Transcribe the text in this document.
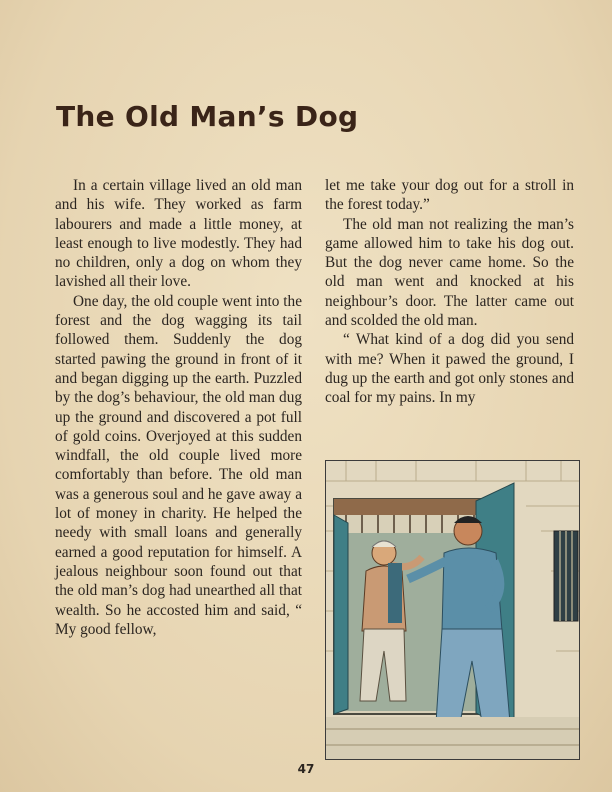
The Old Man’s Dog

In a certain village lived an old man and his wife. They worked as farm labourers and made a little money, at least enough to live modestly. They had no children, only a dog on whom they lavished all their love.

One day, the old couple went into the forest and the dog wagging its tail followed them. Suddenly the dog started pawing the ground in front of it and began digging up the earth. Puzzled by the dog’s behaviour, the old man dug up the ground and discovered a pot full of gold coins. Overjoyed at this sudden windfall, the old couple lived more comfortably than before. The old man was a generous soul and he gave away a lot of money in charity. He helped the needy with small loans and generally earned a good reputation for himself. A jealous neighbour soon found out that the old man’s dog had unearthed all that wealth. So he accosted him and said, “ My good fellow,

let me take your dog out for a stroll in the forest today.”

The old man not realizing the man’s game allowed him to take his dog out. But the dog never came home. So the old man went and knocked at his neighbour’s door. The latter came out and scolded the old man.

“ What kind of a dog did you send with me? When it pawed the ground, I dug up the earth and got only stones and coal for my pains. In my

47
